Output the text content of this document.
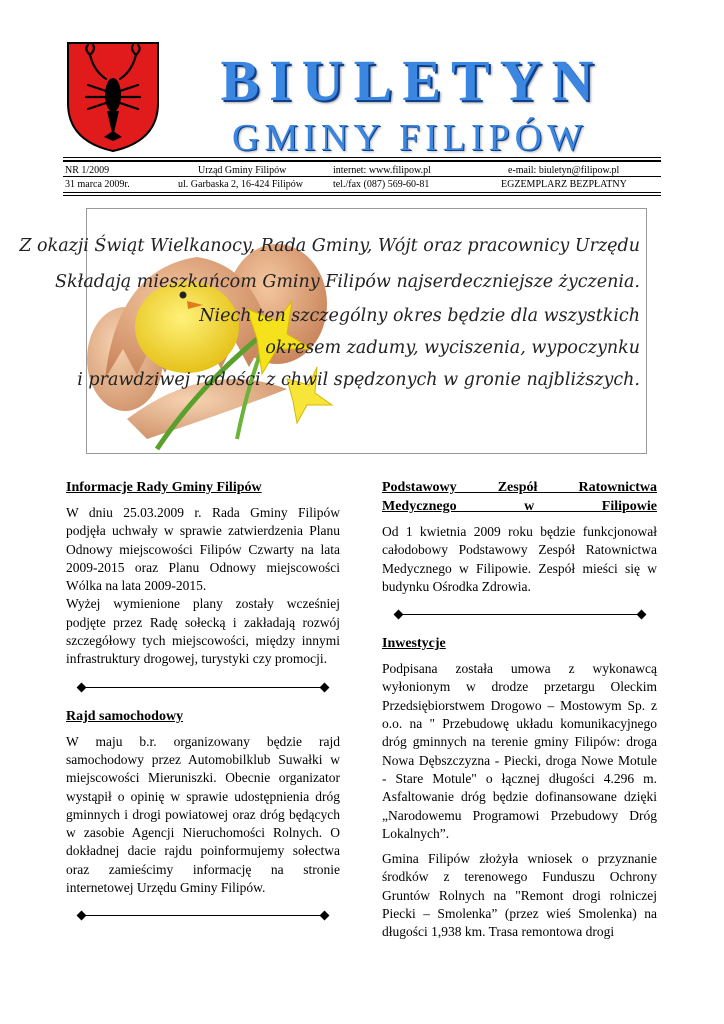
BIULETYN
GMINY FILIPÓW
NR 1/2009	Urząd Gminy Filipów	internet: www.filipow.pl	e-mail: biuletyn@filipow.pl
31 marca 2009r.	ul. Garbaska 2, 16-424 Filipów	tel./fax (087) 569-60-81	EGZEMPLARZ BEZPŁATNY
Z okazji Świąt Wielkanocy, Rada Gminy, Wójt oraz pracownicy Urzędu
Składają mieszkańcom Gminy Filipów najserdeczniejsze życzenia.
Niech ten szczególny okres będzie dla wszystkich
okresem zadumy, wyciszenia, wypoczynku
i prawdziwej radości z chwil spędzonych w gronie najbliższych.
Informacje Rady Gminy Filipów

W dniu 25.03.2009 r. Rada Gminy Filipów podjęła uchwały w sprawie zatwierdzenia Planu Odnowy miejscowości Filipów Czwarty na lata 2009-2015 oraz Planu Odnowy miejscowości Wólka na lata 2009-2015.

Wyżej wymienione plany zostały wcześniej podjęte przez Radę sołecką i zakładają rozwój szczegółowy tych miejscowości, między innymi infrastruktury drogowej, turystyki czy promocji.

Rajd samochodowy

W maju b.r. organizowany będzie rajd samochodowy przez Automobilklub Suwałki w miejscowości Mieruniszki. Obecnie organizator wystąpił o opinię w sprawie udostępnienia dróg gminnych i drogi powiatowej oraz dróg będących w zasobie Agencji Nieruchomości Rolnych. O dokładnej dacie rajdu poinformujemy sołectwa oraz zamieścimy informację na stronie internetowej Urzędu Gminy Filipów.

Podstawowy Zespół Ratownictwa Medycznego w Filipowie

Od 1 kwietnia 2009 roku będzie funkcjonował całodobowy Podstawowy Zespół Ratownictwa Medycznego w Filipowie. Zespół mieści się w budynku Ośrodka Zdrowia.

Inwestycje

Podpisana została umowa z wykonawcą wyłonionym w drodze przetargu Oleckim Przedsiębiorstwem Drogowo – Mostowym Sp. z o.o. na " Przebudowę układu komunikacyjnego dróg gminnych na terenie gminy Filipów: droga Nowa Dębszczyzna - Piecki, droga Nowe Motule - Stare Motule" o łącznej długości 4.296 m. Asfaltowanie dróg będzie dofinansowane dzięki „Narodowemu Programowi Przebudowy Dróg Lokalnych”.

Gmina Filipów złożyła wniosek o przyznanie środków z terenowego Funduszu Ochrony Gruntów Rolnych na "Remont drogi rolniczej Piecki – Smolenka” (przez wieś Smolenka) na długości 1,938 km. Trasa remontowa drogi
